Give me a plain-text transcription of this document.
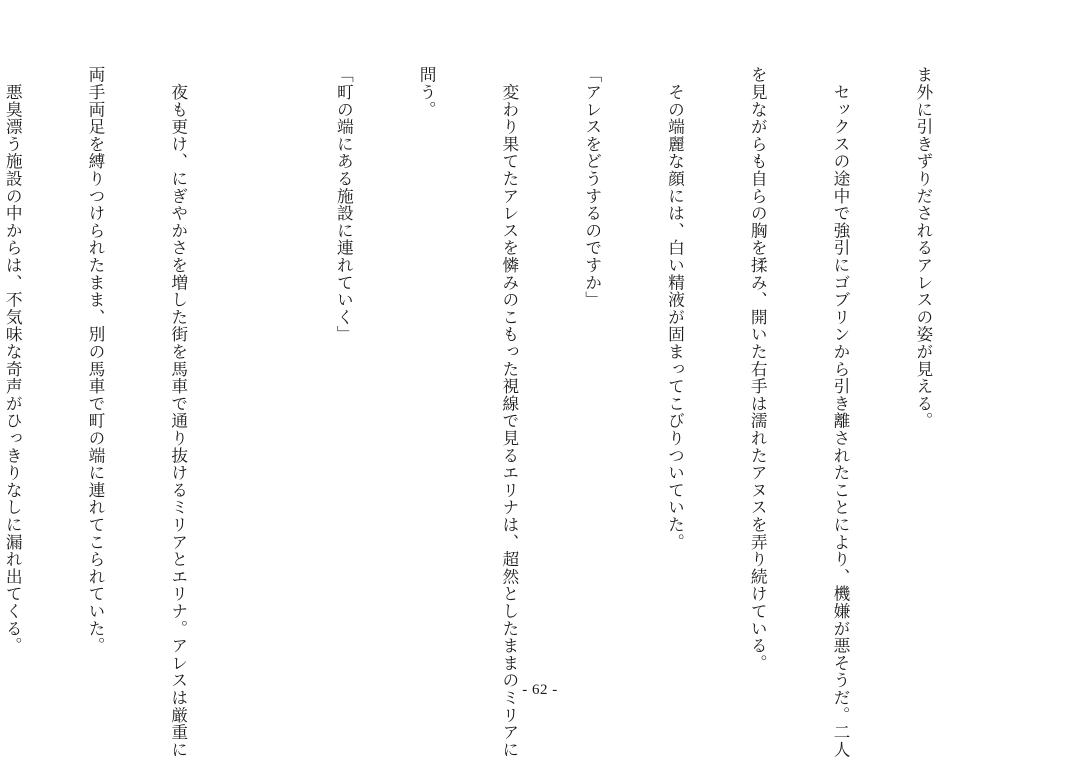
ま外に引きずりだされるアレスの姿が見える。

　セックスの途中で強引にゴブリンから引き離されたことにより、機嫌が悪そうだ。二人

を見ながらも自らの胸を揉み、開いた右手は濡れたアヌスを弄り続けている。

　その端麗な顔には、白い精液が固まってこびりついていた。

「アレスをどうするのですか」

　変わり果てたアレスを憐みのこもった視線で見るエリナは、超然としたままのミリアに

問う。

「町の端にある施設に連れていく」

　夜も更け、にぎやかさを増した街を馬車で通り抜けるミリアとエリナ。アレスは厳重に

両手両足を縛りつけられたまま、別の馬車で町の端に連れてこられていた。

　悪臭漂う施設の中からは、不気味な奇声がひっきりなしに漏れ出てくる。

- 62 -
